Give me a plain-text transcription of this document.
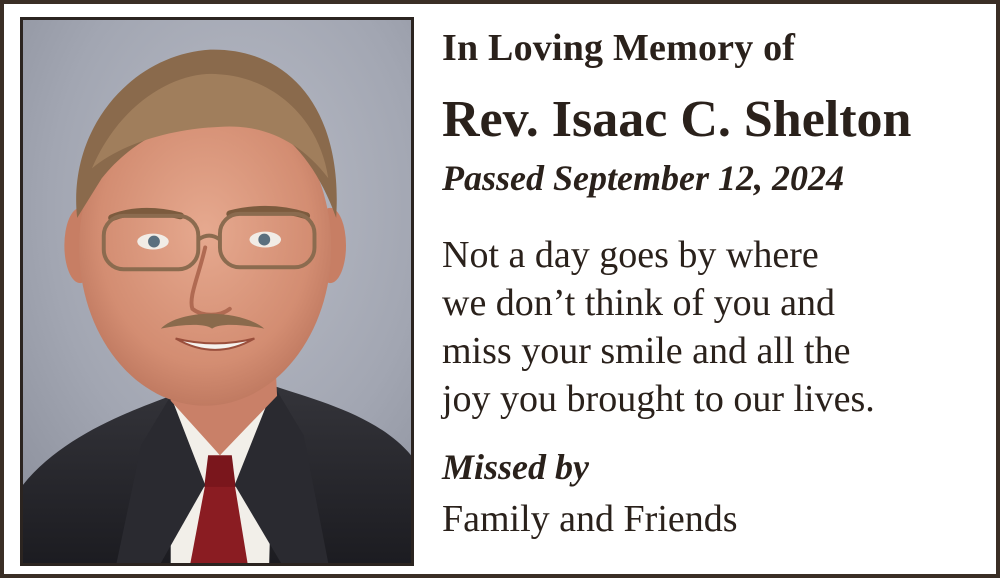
In Loving Memory of
Rev. Isaac C. Shelton
Passed September 12, 2024
Not a day goes by where
we don’t think of you and
miss your smile and all the
joy you brought to our lives.
Missed by
Family and Friends
